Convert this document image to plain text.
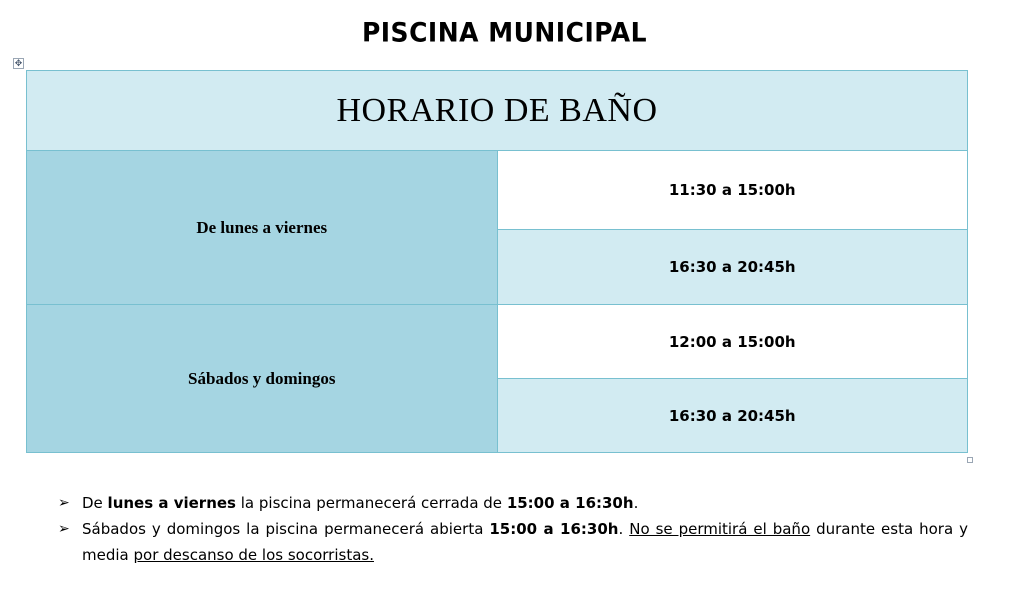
PISCINA MUNICIPAL
✥
HORARIO DE BAÑO	
De lunes a viernes	11:30 a 15:00h
	16:30 a 20:45h
Sábados y domingos	12:00 a 15:00h
	16:30 a 20:45h
➢ De lunes a viernes la piscina permanecerá cerrada de 15:00 a 16:30h.
➢ Sábados y domingos la piscina permanecerá abierta 15:00 a 16:30h. No se permitirá el baño durante esta hora y media por descanso de los socorristas.
